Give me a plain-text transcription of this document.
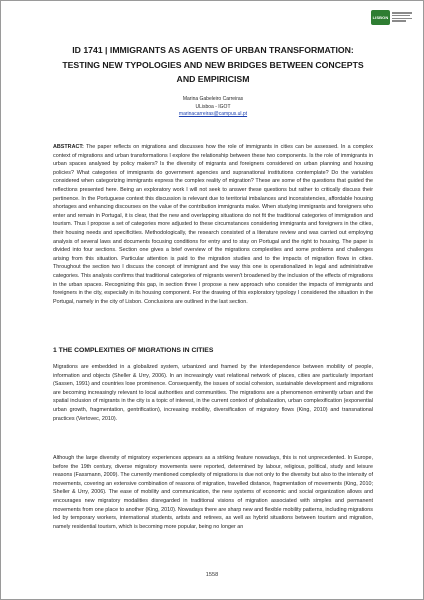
LISBON
ID 1741 | IMMIGRANTS AS AGENTS OF URBAN TRANSFORMATION:
TESTING NEW TYPOLOGIES AND NEW BRIDGES BETWEEN CONCEPTS
AND EMPIRICISM
Marina Gabeleiro Carreiras
ULisboa - IGOT
marinacarreiras@campus.ul.pt
ABSTRACT: The paper reflects on migrations and discusses how the role of immigrants in cities can be assessed. In a complex context of migrations and urban transformations I explore the relationship between these two components. Is the role of immigrants in urban spaces analysed by policy makers? Is the diversity of migrants and foreigners considered on urban planning and housing policies? What categories of immigrants do government agencies and supranational institutions contemplate? Do the variables considered when categorizing immigrants express the complex reality of migration? These are some of the questions that guided the reflections presented here. Being an exploratory work I will not seek to answer these questions but rather to critically discuss their pertinence. In the Portuguese context this discussion is relevant due to territorial imbalances and inconsistencies, affordable housing shortages and enhancing discourses on the value of the contribution immigrants make. When studying immigrants and foreigners who enter and remain in Portugal, it is clear, that the new and overlapping situations do not fit the traditional categories of immigration and tourism. Thus I propose a set of categories more adjusted to these circumstances considering immigrants and foreigners in the cities, their housing needs and specificities. Methodologically, the research consisted of a literature review and was carried out employing analysis of several laws and documents focusing conditions for entry and to stay on Portugal and the right to housing. The paper is divided into four sections. Section one gives a brief overview of the migrations complexities and some problems and challenges arising from this situation. Particular attention is paid to the migration studies and to the impacts of migration flows in cities. Throughout the section two I discuss the concept of immigrant and the way this one is operationalized in legal and administrative categories. This analysis confirms that traditional categories of migrants weren't broadened by the inclusion of the effects of migrations in the urban spaces. Recognizing this gap, in section three I propose a new approach who consider the impacts of immigrants and foreigners in the city, especially in its housing component. For the drawing of this exploratory typology I considered the situation in the Portugal, namely in the city of Lisbon. Conclusions are outlined in the last section.
1 THE COMPLEXITIES OF MIGRATIONS IN CITIES
Migrations are embedded in a globalized system, urbanized and framed by the interdependence between mobility of people, information and objects (Sheller & Urry, 2006). In an increasingly vast relational network of places, cities are particularly important (Sassen, 1991) and countries lose prominence. Consequently, the issues of social cohesion, sustainable development and migrations are becoming increasingly relevant to local authorities and communities. The migrations are a phenomenon eminently urban and the spatial inclusion of migrants in the city is a topic of interest, in the current context of globalization, urban complexification (exponential urban growth, fragmentation, gentrification), increasing mobility, diversification of migratory flows (King, 2010) and transnational practices (Vertovec, 2010).
Although the large diversity of migratory experiences appears as a striking feature nowadays, this is not unprecedented. In Europe, before the 19th century, diverse migratory movements were reported, determined by labour, religious, political, study and leisure reasons (Fassmann, 2009). The currently mentioned complexity of migrations is due not only to the diversity but also to the intensity of movements, covering an extensive combination of reasons of migration, travelled distance, fragmentation of movements (King, 2010; Sheller & Urry, 2006). The ease of mobility and communication, the new systems of economic and social organization allows and encourages new migratory modalities disregarded in traditional visions of migration associated with simples and permanent movements from one place to another (King, 2010). Nowadays there are sharp new and flexible mobility patterns, including migrations led by temporary workers, international students, artists and retirees, as well as hybrid situations between tourism and migration, namely residential tourism, which is becoming more popular, being no longer an
1558
